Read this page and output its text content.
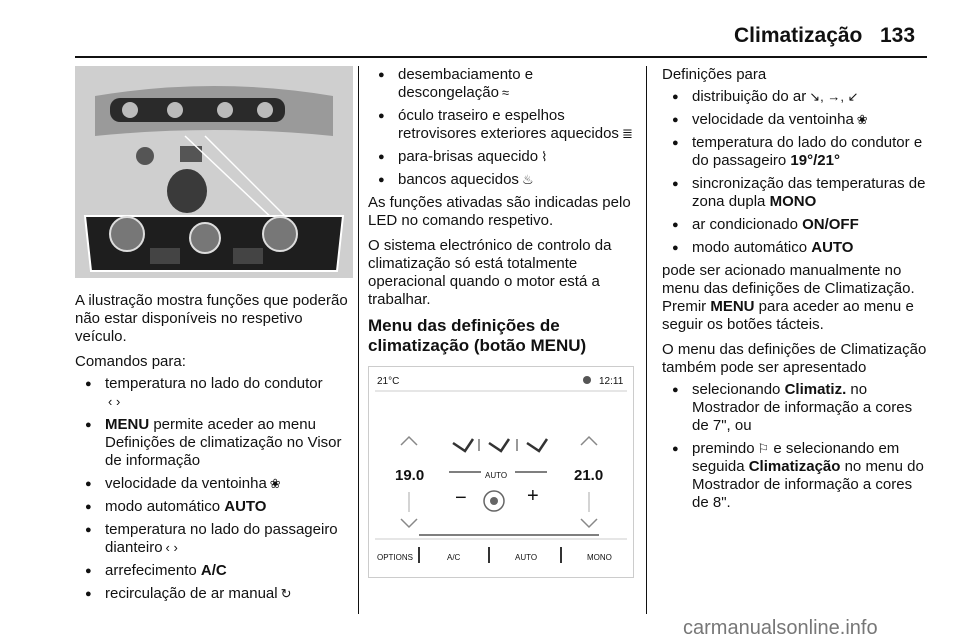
Climatização 133

A ilustração mostra funções que poderão não estar disponíveis no respetivo veículo.

Comandos para:

● temperatura no lado do condutor
‹ ›
● MENU permite aceder ao menu Definições de climatização no Visor de informação
● velocidade da ventoinha ❀
● modo automático AUTO
● temperatura no lado do passageiro dianteiro ‹ ›
● arrefecimento A/C
● recirculação de ar manual ↻
● desembaciamento e descongelação ≈
● óculo traseiro e espelhos retrovisores exteriores aquecidos ≣
● para-brisas aquecido ⌇
● bancos aquecidos ♨

As funções ativadas são indicadas pelo LED no comando respetivo.

O sistema electrónico de controlo da climatização só está totalmente operacional quando o motor está a trabalhar.

Menu das definições de climatização (botão MENU)
21°C	12:11
19.0	21.0
AUTO
−	+
OPTIONS	A/C	AUTO	MONO

Definições para

● distribuição do ar ↘, →, ↙
● velocidade da ventoinha ❀
● temperatura do lado do condutor e do passageiro 19°/21°
● sincronização das temperaturas de zona dupla MONO
● ar condicionado ON/OFF
● modo automático AUTO

pode ser acionado manualmente no menu das definições de Climatização. Premir MENU para aceder ao menu e seguir os botões tácteis.

O menu das definições de Climatização também pode ser apresentado

● selecionando Climatiz. no Mostrador de informação a cores de 7", ou
● premindo ⚐ e selecionando em seguida Climatização no menu do Mostrador de informação a cores de 8".
carmanualsonline.info
